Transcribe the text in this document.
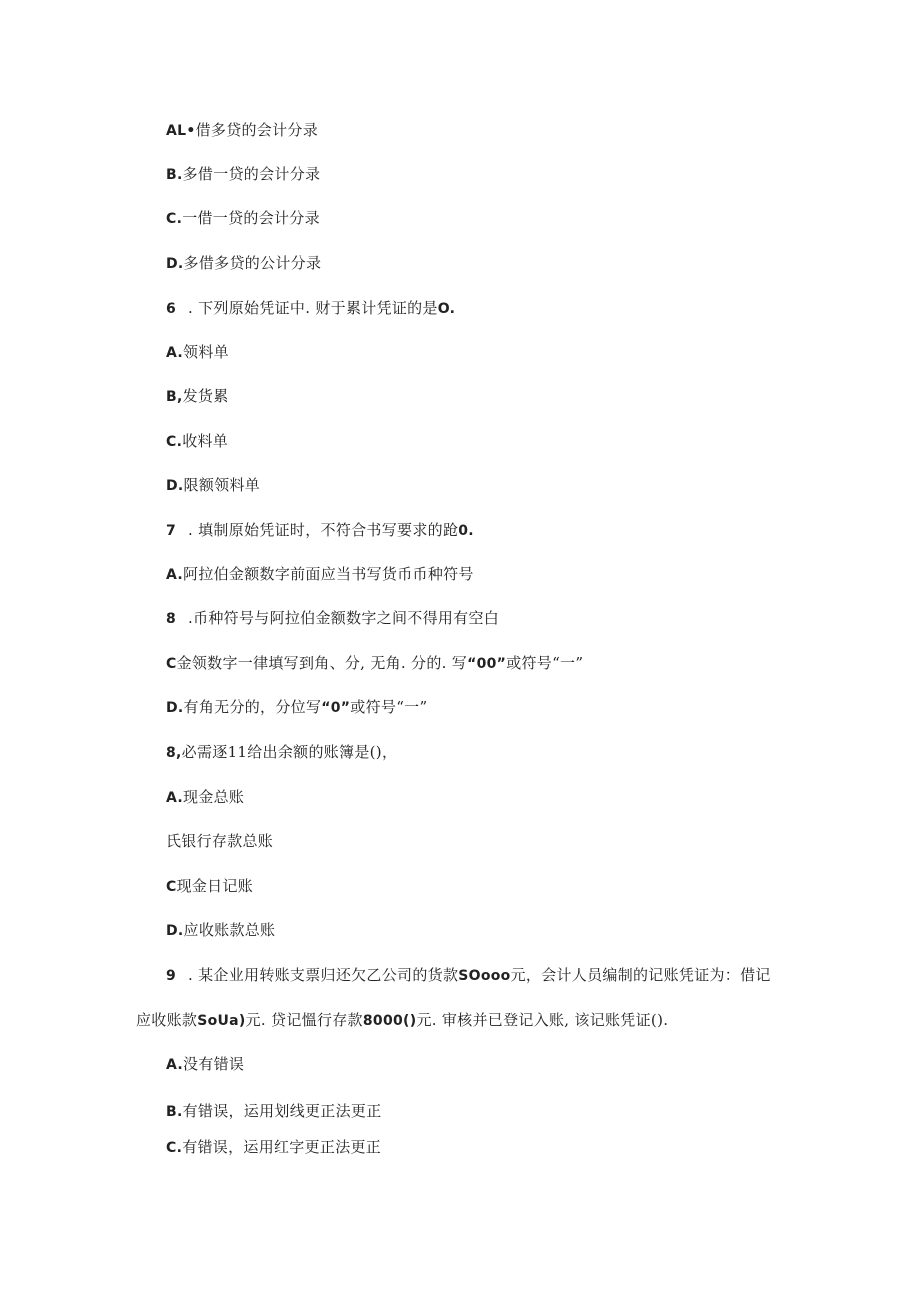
AL•借多贷的会计分录
B.多借一贷的会计分录
C.一借一贷的会计分录
D.多借多贷的公计分录
6 . 下列原始凭证中. 财于累计凭证的是O.
A.领料单
B,发货累
C.收料单
D.限额领料单
7 . 填制原始凭证时，不符合书写要求的跄0.
A.阿拉伯金额数字前面应当书写货币币种符号
8 .币种符号与阿拉伯金额数字之间不得用有空白
C金领数字一律填写到角、分, 无角. 分的. 写“00”或符号“一”
D.有角无分的，分位写“0”或符号“一”
8,必需逐11给出余额的账簿是()，
A.现金总账
氏银行存款总账
C现金日记账
D.应收账款总账
9 . 某企业用转账支票归还欠乙公司的货款SOooo元，会计人员编制的记账凭证为：借记
应收账款SoUa)元. 贷记慍行存款8000()元. 审核并已登记入账, 该记账凭证().
A.没有错误
B.有错误，运用划线更正法更正
C.有错误，运用红字更正法更正
